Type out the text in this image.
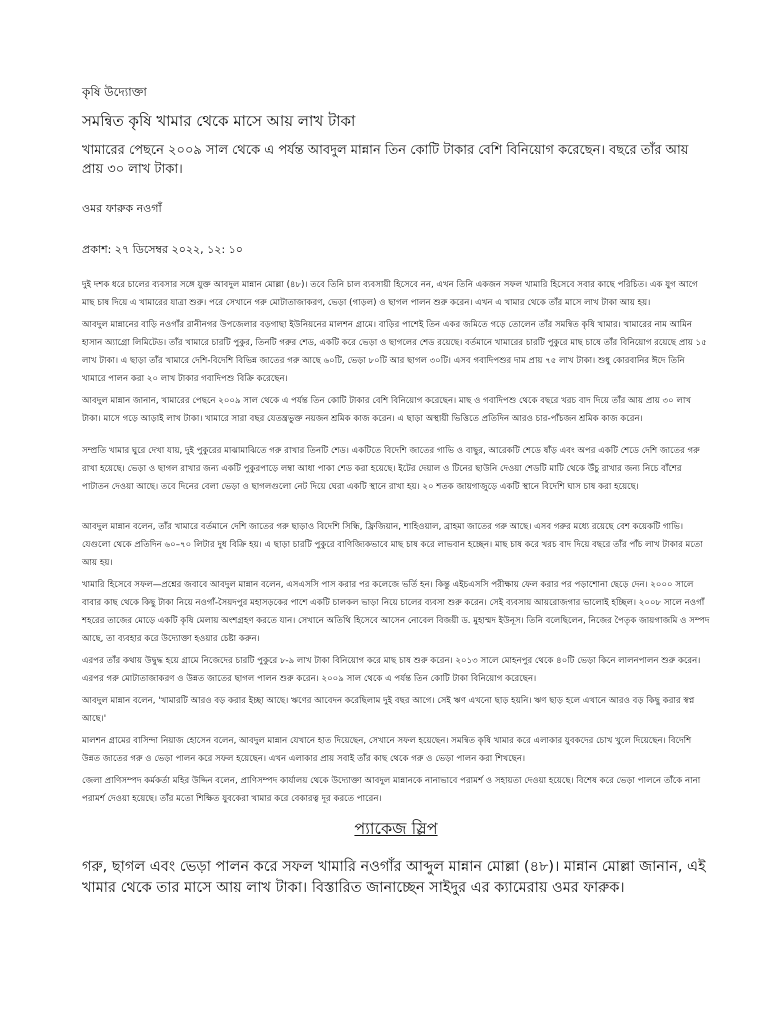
কৃষি উদ্যোক্তা
সমন্বিত কৃষি খামার থেকে মাসে আয় লাখ টাকা

খামারের পেছনে ২০০৯ সাল থেকে এ পর্যন্ত আবদুল মান্নান তিন কোটি টাকার বেশি বিনিয়োগ করেছেন। বছরে তাঁর আয় প্রায় ৩০ লাখ টাকা।

ওমর ফারুক নওগাঁ
প্রকাশ: ২৭ ডিসেম্বর ২০২২, ১২: ১০

দুই দশক ধরে চালের ব্যবসার সঙ্গে যুক্ত আবদুল মান্নান মোল্লা (৪৮)। তবে তিনি চাল ব্যবসায়ী হিসেবে নন, এখন তিনি একজন সফল খামারি হিসেবে সবার কাছে পরিচিত। এক যুগ আগে মাছ চাষ দিয়ে এ খামারের যাত্রা শুরু। পরে সেখানে গরু মোটাতাজাকরণ, ভেড়া (গাড়ল) ও ছাগল পালন শুরু করেন। এখন এ খামার থেকে তাঁর মাসে লাখ টাকা আয় হয়।

আবদুল মান্নানের বাড়ি নওগাঁর রানীনগর উপজেলার বড়গাছা ইউনিয়নের মালশন গ্রামে। বাড়ির পাশেই তিন একর জমিতে গড়ে তোলেন তাঁর সমন্বিত কৃষি খামার। খামারের নাম আমিন হাসান অ্যাগ্রো লিমিটেড। তাঁর খামারে চারটি পুকুর, তিনটি গরুর শেড, একটি করে ভেড়া ও ছাগলের শেড রয়েছে। বর্তমানে খামারের চারটি পুকুরে মাছ চাষে তাঁর বিনিয়োগ রয়েছে প্রায় ১৫ লাখ টাকা। এ ছাড়া তাঁর খামারে দেশি-বিদেশি বিভিন্ন জাতের গরু আছে ৬০টি, ভেড়া ৮০টি আর ছাগল ৩০টি। এসব গবাদিপশুর দাম প্রায় ৭৫ লাখ টাকা। শুধু কোরবানির ঈদে তিনি খামারে পালন করা ২০ লাখ টাকার গবাদিপশু বিক্রি করেছেন।

আবদুল মান্নান জানান, খামারের পেছনে ২০০৯ সাল থেকে এ পর্যন্ত তিন কোটি টাকার বেশি বিনিয়োগ করেছেন। মাছ ও গবাদিপশু থেকে বছরে খরচ বাদ দিয়ে তাঁর আয় প্রায় ৩০ লাখ টাকা। মাসে গড়ে আড়াই লাখ টাকা। খামারে সারা বছর যেতন্ত্রভুক্ত নয়জন শ্রমিক কাজ করেন। এ ছাড়া অস্থায়ী ভিত্তিতে প্রতিদিন আরও চার-পাঁচজন শ্রমিক কাজ করেন।

সম্প্রতি খামার ঘুরে দেখা যায়, দুই পুকুরের মাঝামাঝিতে গরু রাখার তিনটি শেড। একটিতে বিদেশি জাতের গাভি ও বাছুর, আরেকটি শেডে ষাঁড় এবং অপর একটি শেডে দেশি জাতের গরু রাখা হয়েছে। ভেড়া ও ছাগল রাখার জন্য একটি পুকুরপাড়ে লম্বা আধা পাকা শেড করা হয়েছে। ইটের দেয়াল ও টিনের ছাউনি দেওয়া শেডটি মাটি থেকে উঁচু রাখার জন্য নিচে বাঁশের পাটাতন দেওয়া আছে। তবে দিনের বেলা ভেড়া ও ছাগলগুলো নেট দিয়ে ঘেরা একটি স্থানে রাখা হয়। ২০ শতক জায়গাজুড়ে একটি স্থানে বিদেশি ঘাস চাষ করা হয়েছে।

আবদুল মান্নান বলেন, তাঁর খামারে বর্তমানে দেশি জাতের গরু ছাড়াও বিদেশি সিন্ধি, ফ্রিজিয়ান, শাহিওয়াল, ব্রাহমা জাতের গরু আছে। এসব গরুর মধ্যে রয়েছে বেশ কয়েকটি গাভি। যেগুলো থেকে প্রতিদিন ৬০–৭০ লিটার দুধ বিক্রি হয়। এ ছাড়া চারটি পুকুরে বাণিজ্যিকভাবে মাছ চাষ করে লাভবান হচ্ছেন। মাছ চাষ করে খরচ বাদ দিয়ে বছরে তাঁর পাঁচ লাখ টাকার মতো আয় হয়।

খামারি হিসেবে সফল—প্রশ্নের জবাবে আবদুল মান্নান বলেন, এসএসসি পাস করার পর কলেজে ভর্তি হন। কিন্তু এইচএসসি পরীক্ষায় ফেল করার পর পড়াশোনা ছেড়ে দেন। ২০০০ সালে বাবার কাছ থেকে কিছু টাকা নিয়ে নওগাঁ-সৈয়দপুর মহাসড়কের পাশে একটি চালকল ভাড়া নিয়ে চালের ব্যবসা শুরু করেন। সেই ব্যবসায় আয়রোজগার ভালোই হচ্ছিল। ২০০৮ সালে নওগাঁ শহরের তাজের মোড়ে একটি কৃষি মেলায় অংশগ্রহণ করতে যান। সেখানে অতিথি হিসেবে আসেন নোবেল বিজয়ী ড. মুহাম্মদ ইউনূস। তিনি বলেছিলেন, নিজের পৈতৃক জায়গাজমি ও সম্পদ আছে, তা ব্যবহার করে উদ্যোক্তা হওয়ার চেষ্টা করুন।

এরপর তাঁর কথায় উদ্বুদ্ধ হয়ে গ্রামে নিজেদের চারটি পুকুরে ৮-৯ লাখ টাকা বিনিয়োগ করে মাছ চাষ শুরু করেন। ২০১৩ সালে মোহনপুর থেকে ৪০টি ভেড়া কিনে লালনপালন শুরু করেন। এরপর গরু মোটাতাজাকরণ ও উন্নত জাতের ছাগল পালন শুরু করেন। ২০০৯ সাল থেকে এ পর্যন্ত তিন কোটি টাকা বিনিয়োগ করেছেন।

আবদুল মান্নান বলেন, 'খামারটি আরও বড় করার ইচ্ছা আছে। ঋণের আবেদন করেছিলাম দুই বছর আগে। সেই ঋণ এখনো ছাড় হয়নি। ঋণ ছাড় হলে এখানে আরও বড় কিছু করার স্বপ্ন আছে।'

মালশন গ্রামের বাসিন্দা নিয়াজ হোসেন বলেন, আবদুল মান্নান যেখানে হাত দিয়েছেন, সেখানে সফল হয়েছেন। সমন্বিত কৃষি খামার করে এলাকার যুবকদের চোখ খুলে দিয়েছেন। বিদেশি উন্নত জাতের গরু ও ভেড়া পালন করে সফল হয়েছেন। এখন এলাকার প্রায় সবাই তাঁর কাছ থেকে গরু ও ভেড়া পালন করা শিখছেন।

জেলা প্রাণিসম্পদ কর্মকর্তা মহির উদ্দিন বলেন, প্রাণিসম্পদ কার্যালয় থেকে উদ্যোক্তা আবদুল মান্নানকে নানাভাবে পরামর্শ ও সহায়তা দেওয়া হয়েছে। বিশেষ করে ভেড়া পালনে তাঁকে নানা পরামর্শ দেওয়া হয়েছে। তাঁর মতো শিক্ষিত যুবকেরা খামার করে বেকারত্ব দূর করতে পারেন।

প্যাকেজ স্লিপ

গরু, ছাগল এবং ভেড়া পালন করে সফল খামারি নওগাঁর আব্দুল মান্নান মোল্লা (৪৮)। মান্নান মোল্লা জানান, এই খামার থেকে তার মাসে আয় লাখ টাকা। বিস্তারিত জানাচ্ছেন সাইদুর এর ক্যামেরায় ওমর ফারুক।
